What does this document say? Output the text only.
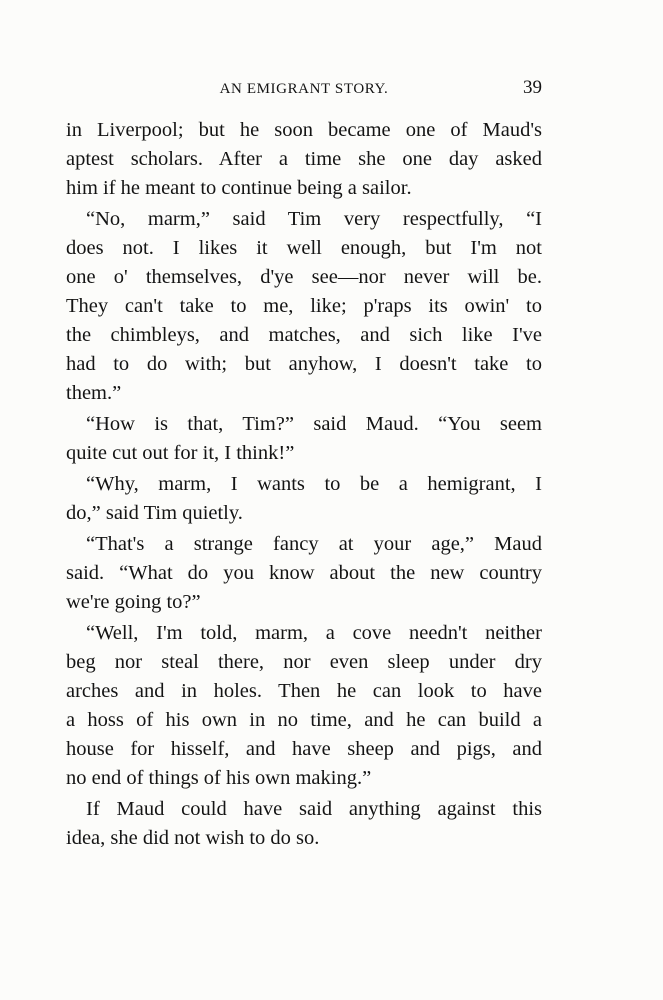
AN EMIGRANT STORY.	39
in Liverpool; but he soon became one of Maud's
aptest scholars. After a time she one day asked
him if he meant to continue being a sailor.
“No, marm,” said Tim very respectfully, “I
does not. I likes it well enough, but I'm not
one o' themselves, d'ye see—nor never will be.
They can't take to me, like; p'raps its owin' to
the chimbleys, and matches, and sich like I've
had to do with; but anyhow, I doesn't take to
them.”
“How is that, Tim?” said Maud. “You seem
quite cut out for it, I think!”
“Why, marm, I wants to be a hemigrant, I
do,” said Tim quietly.
“That's a strange fancy at your age,” Maud
said. “What do you know about the new country
we're going to?”
“Well, I'm told, marm, a cove needn't neither
beg nor steal there, nor even sleep under dry
arches and in holes. Then he can look to have
a hoss of his own in no time, and he can build a
house for hisself, and have sheep and pigs, and
no end of things of his own making.”
If Maud could have said anything against this
idea, she did not wish to do so.
